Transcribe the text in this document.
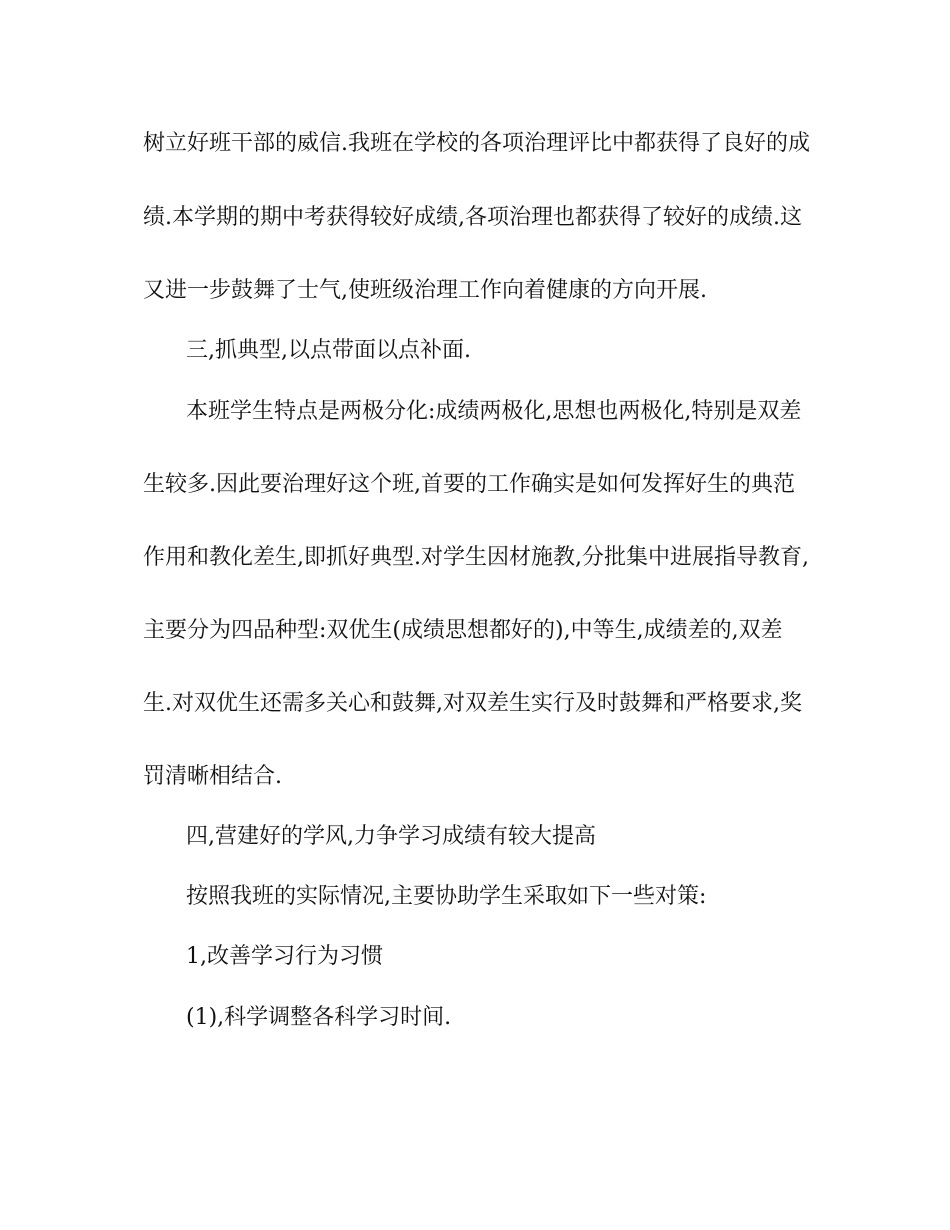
树立好班干部的威信.我班在学校的各项治理评比中都获得了良好的成
绩.本学期的期中考获得较好成绩,各项治理也都获得了较好的成绩.这
又进一步鼓舞了士气,使班级治理工作向着健康的方向开展.
三,抓典型,以点带面以点补面.
本班学生特点是两极分化:成绩两极化,思想也两极化,特别是双差
生较多.因此要治理好这个班,首要的工作确实是如何发挥好生的典范
作用和教化差生,即抓好典型.对学生因材施教,分批集中进展指导教育,
主要分为四品种型:双优生(成绩思想都好的),中等生,成绩差的,双差
生.对双优生还需多关心和鼓舞,对双差生实行及时鼓舞和严格要求,奖
罚清晰相结合.
四,营建好的学风,力争学习成绩有较大提高
按照我班的实际情况,主要协助学生采取如下一些对策:
1,改善学习行为习惯
(1),科学调整各科学习时间.
